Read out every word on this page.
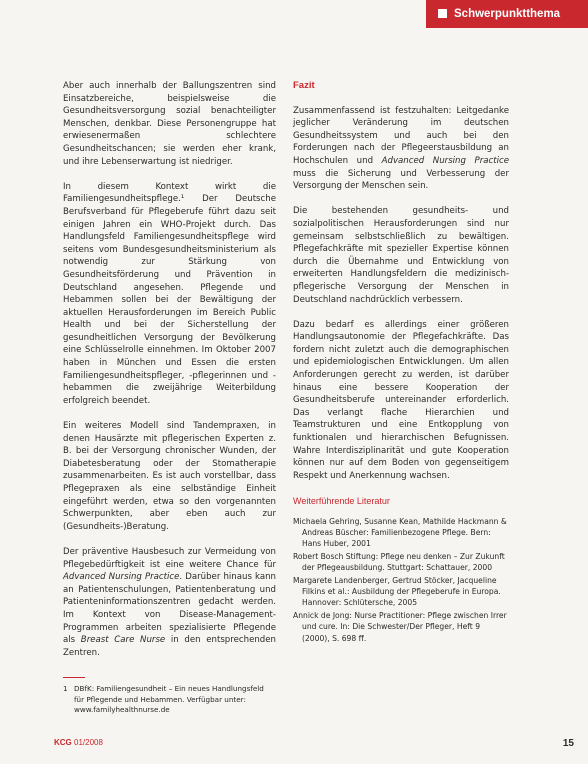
Schwerpunktthema

Aber auch innerhalb der Ballungszentren sind Einsatzbereiche, beispielsweise die Gesundheitsversorgung sozial benachteiligter Menschen, denkbar. Diese Personengruppe hat erwiesenermaßen schlechtere Gesundheitschancen; sie werden eher krank, und ihre Lebenserwartung ist niedriger.

In diesem Kontext wirkt die Familiengesundheitspflege.¹ Der Deutsche Berufsverband für Pflegeberufe führt dazu seit einigen Jahren ein WHO-Projekt durch. Das Handlungsfeld Familiengesundheitspflege wird seitens vom Bundesgesundheitsministerium als notwendig zur Stärkung von Gesundheitsförderung und Prävention in Deutschland angesehen. Pflegende und Hebammen sollen bei der Bewältigung der aktuellen Herausforderungen im Bereich Public Health und bei der Sicherstellung der gesundheitlichen Versorgung der Bevölkerung eine Schlüsselrolle einnehmen. Im Oktober 2007 haben in München und Essen die ersten Familiengesundheitspfleger, -pflegerinnen und -hebammen die zweijährige Weiterbildung erfolgreich beendet.

Ein weiteres Modell sind Tandempraxen, in denen Hausärzte mit pflegerischen Experten z. B. bei der Versorgung chronischer Wunden, der Diabetesberatung oder der Stomatherapie zusammenarbeiten. Es ist auch vorstellbar, dass Pflegepraxen als eine selbständige Einheit eingeführt werden, etwa so den vorgenannten Schwerpunkten, aber eben auch zur (Gesundheits-)Beratung.

Der präventive Hausbesuch zur Vermeidung von Pflegebedürftigkeit ist eine weitere Chance für Advanced Nursing Practice. Darüber hinaus kann an Patientenschulungen, Patientenberatung und Patienteninformationszentren gedacht werden. Im Kontext von Disease-Management-Programmen arbeiten spezialisierte Pflegende als Breast Care Nurse in den entsprechenden Zentren.

1 DBfK: Familiengesundheit – Ein neues Handlungsfeld für Pflegende und Hebammen. Verfügbar unter: www.familyhealthnurse.de
Fazit

Zusammenfassend ist festzuhalten: Leitgedanke jeglicher Veränderung im deutschen Gesundheitssystem und auch bei den Forderungen nach der Pflegeerstausbildung an Hochschulen und Advanced Nursing Practice muss die Sicherung und Verbesserung der Versorgung der Menschen sein.

Die bestehenden gesundheits- und sozialpolitischen Herausforderungen sind nur gemeinsam selbstschließlich zu bewältigen. Pflegefachkräfte mit spezieller Expertise können durch die Übernahme und Entwicklung von erweiterten Handlungsfeldern die medizinisch-pflegerische Versorgung der Menschen in Deutschland nachdrücklich verbessern.

Dazu bedarf es allerdings einer größeren Handlungsautonomie der Pflegefachkräfte. Das fordern nicht zuletzt auch die demographischen und epidemiologischen Entwicklungen. Um allen Anforderungen gerecht zu werden, ist darüber hinaus eine bessere Kooperation der Gesundheitsberufe untereinander erforderlich. Das verlangt flache Hierarchien und Teamstrukturen und eine Entkopplung von funktionalen und hierarchischen Befugnissen. Wahre Interdisziplinarität und gute Kooperation können nur auf dem Boden von gegenseitigem Respekt und Anerkennung wachsen.

Weiterführende Literatur
Michaela Gehring, Susanne Kean, Mathilde Hackmann & Andreas Büscher: Familienbezogene Pflege. Bern: Hans Huber, 2001
Robert Bosch Stiftung: Pflege neu denken – Zur Zukunft der Pflegeausbildung. Stuttgart: Schattauer, 2000
Margarete Landenberger, Gertrud Stöcker, Jacqueline Filkins et al.: Ausbildung der Pflegeberufe in Europa. Hannover: Schlütersche, 2005
Annick de Jong: Nurse Practitioner: Pflege zwischen Irrer und cure. In: Die Schwester/Der Pfleger, Heft 9 (2000), S. 698 ff.
KCG 01/2008	15
